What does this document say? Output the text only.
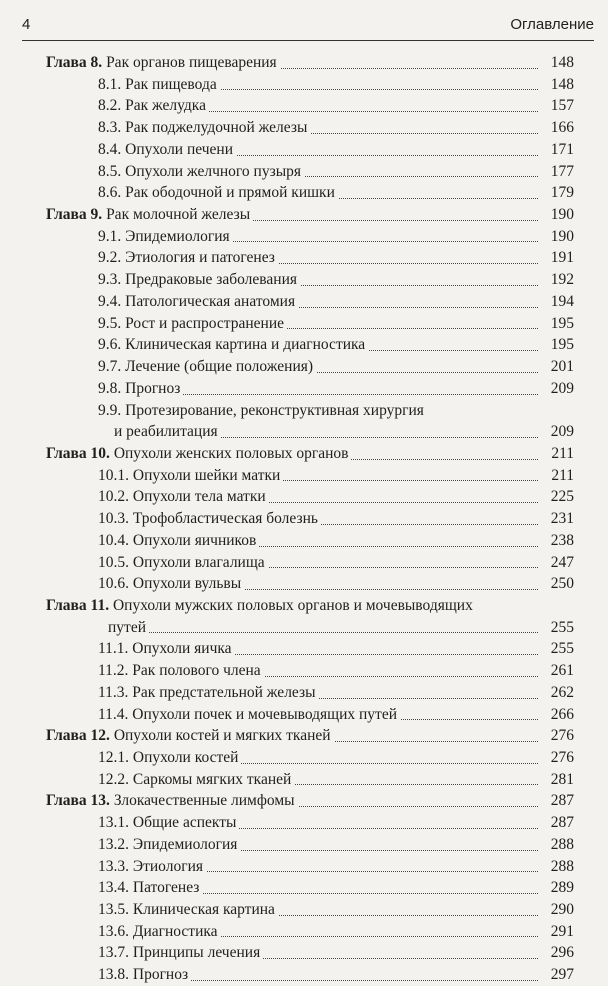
4	Оглавление
Глава 8. Рак органов пищеварения	148
8.1. Рак пищевода	148
8.2. Рак желудка	157
8.3. Рак поджелудочной железы	166
8.4. Опухоли печени	171
8.5. Опухоли желчного пузыря	177
8.6. Рак ободочной и прямой кишки	179
Глава 9. Рак молочной железы	190
9.1. Эпидемиология	190
9.2. Этиология и патогенез	191
9.3. Предраковые заболевания	192
9.4. Патологическая анатомия	194
9.5. Рост и распространение	195
9.6. Клиническая картина и диагностика	195
9.7. Лечение (общие положения)	201
9.8. Прогноз	209
9.9. Протезирование, реконструктивная хирургия
и реабилитация	209
Глава 10. Опухоли женских половых органов	211
10.1. Опухоли шейки матки	211
10.2. Опухоли тела матки	225
10.3. Трофобластическая болезнь	231
10.4. Опухоли яичников	238
10.5. Опухоли влагалища	247
10.6. Опухоли вульвы	250
Глава 11. Опухоли мужских половых органов и мочевыводящих
путей	255
11.1. Опухоли яичка	255
11.2. Рак полового члена	261
11.3. Рак предстательной железы	262
11.4. Опухоли почек и мочевыводящих путей	266
Глава 12. Опухоли костей и мягких тканей	276
12.1. Опухоли костей	276
12.2. Саркомы мягких тканей	281
Глава 13. Злокачественные лимфомы	287
13.1. Общие аспекты	287
13.2. Эпидемиология	288
13.3. Этиология	288
13.4. Патогенез	289
13.5. Клиническая картина	290
13.6. Диагностика	291
13.7. Принципы лечения	296
13.8. Прогноз	297
